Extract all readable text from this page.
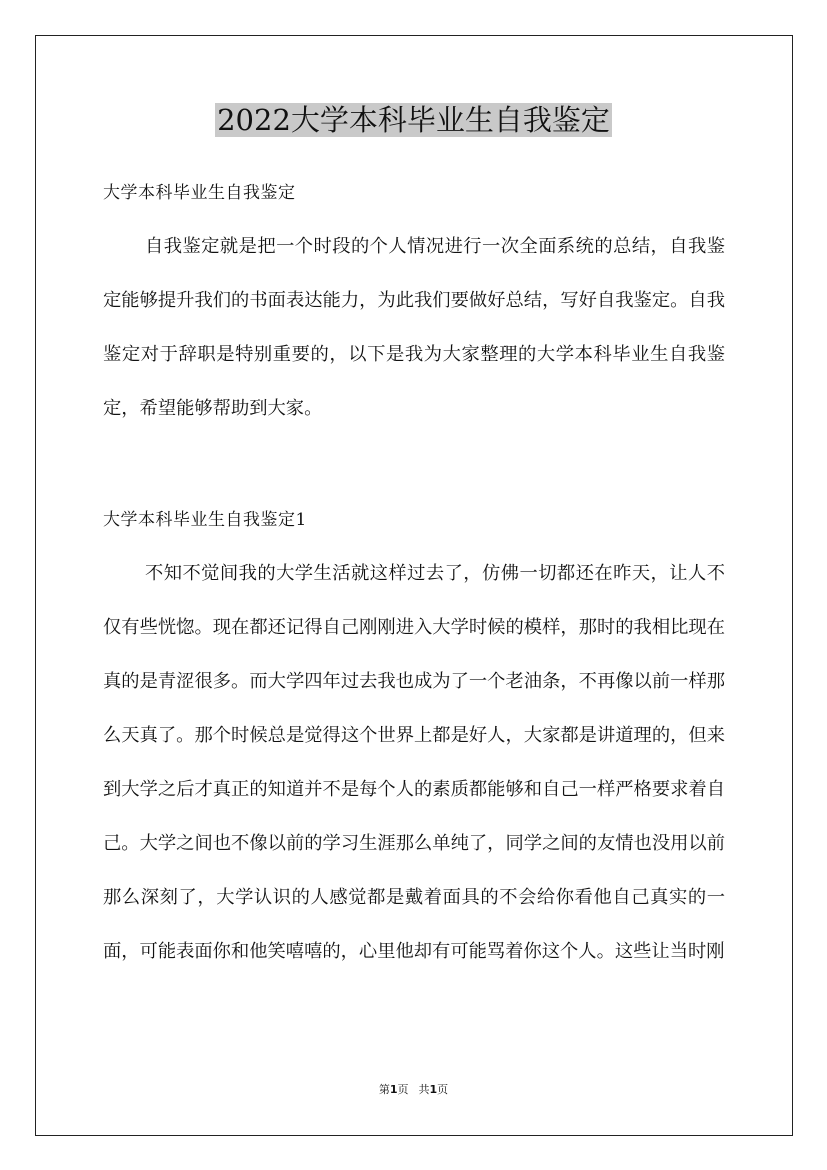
2022大学本科毕业生自我鉴定
大学本科毕业生自我鉴定

自我鉴定就是把一个时段的个人情况进行一次全面系统的总结，自我鉴定能够提升我们的书面表达能力，为此我们要做好总结，写好自我鉴定。自我鉴定对于辞职是特别重要的，以下是我为大家整理的大学本科毕业生自我鉴定，希望能够帮助到大家。

大学本科毕业生自我鉴定1

不知不觉间我的大学生活就这样过去了，仿佛一切都还在昨天，让人不仅有些恍惚。现在都还记得自己刚刚进入大学时候的模样，那时的我相比现在真的是青涩很多。而大学四年过去我也成为了一个老油条，不再像以前一样那么天真了。那个时候总是觉得这个世界上都是好人，大家都是讲道理的，但来到大学之后才真正的知道并不是每个人的素质都能够和自己一样严格要求着自己。大学之间也不像以前的学习生涯那么单纯了，同学之间的友情也没用以前那么深刻了，大学认识的人感觉都是戴着面具的不会给你看他自己真实的一面，可能表面你和他笑嘻嘻的，心里他却有可能骂着你这个人。这些让当时刚

第1页 共1页
